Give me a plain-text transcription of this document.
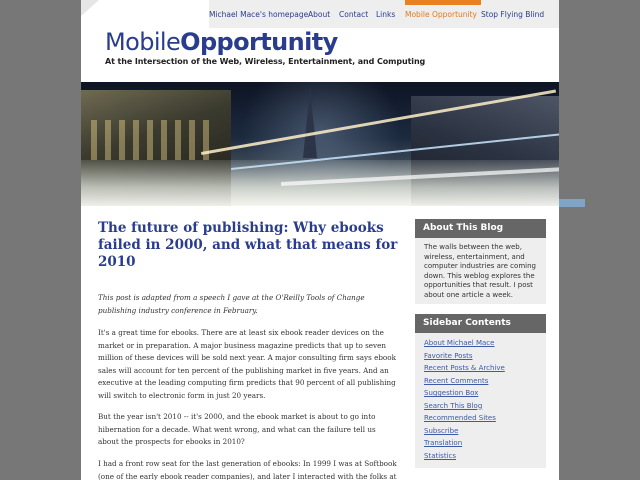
Michael Mace's homepage About Contact Links Mobile Opportunity Stop Flying Blind
MobileOpportunity
At the Intersection of the Web, Wireless, Entertainment, and Computing
The future of publishing: Why ebooks failed in 2000, and what that means for 2010

This post is adapted from a speech I gave at the O'Reilly Tools of Change publishing industry conference in February.

It's a great time for ebooks. There are at least six ebook reader devices on the market or in preparation. A major business magazine predicts that up to seven million of these devices will be sold next year. A major consulting firm says ebook sales will account for ten percent of the publishing market in five years. And an executive at the leading computing firm predicts that 90 percent of all publishing will switch to electronic form in just 20 years.

But the year isn't 2010 -- it's 2000, and the ebook market is about to go into hibernation for a decade. What went wrong, and what can the failure tell us about the prospects for ebooks in 2010?

I had a front row seat for the last generation of ebooks: In 1999 I was at Softbook (one of the early ebook reader companies), and later I interacted with the folks at

About This Blog
The walls between the web, wireless, entertainment, and computer industries are coming down. This weblog explores the opportunities that result. I post about one article a week.
Sidebar Contents
About Michael Mace
Favorite Posts
Recent Posts & Archive
Recent Comments
Suggestion Box
Search This Blog
Recommended Sites
Subscribe
Translation
Statistics
